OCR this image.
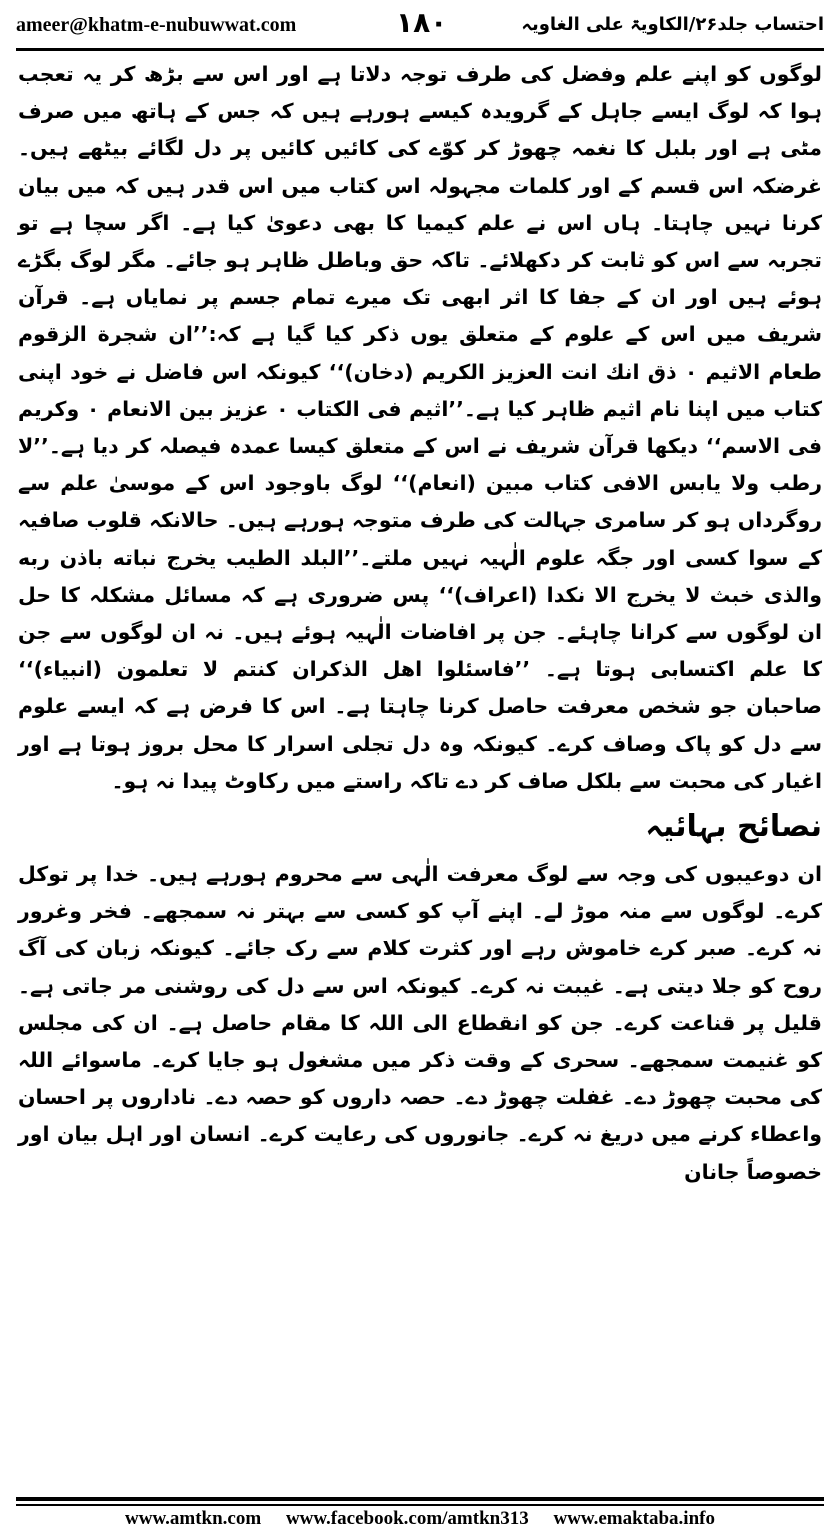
ameer@khatm-e-nubuwwat.com	۱۸۰	احتساب جلد۲۶/الکاویۃ علی الغاویہ

لوگوں کو اپنے علم وفضل کی طرف توجہ دلاتا ہے اور اس سے بڑھ کر یہ تعجب ہوا کہ لوگ ایسے جاہل کے گرویدہ کیسے ہورہے ہیں کہ جس کے ہاتھ میں صرف مٹی ہے اور بلبل کا نغمہ چھوڑ کر کوّے کی کائیں کائیں پر دل لگائے بیٹھے ہیں۔ غرضکہ اس قسم کے اور کلمات مجہولہ اس کتاب میں اس قدر ہیں کہ میں بیان کرنا نہیں چاہتا۔ ہاں اس نے علم کیمیا کا بھی دعویٰ کیا ہے۔ اگر سچا ہے تو تجربہ سے اس کو ثابت کر دکھلائے۔ تاکہ حق وباطل ظاہر ہو جائے۔ مگر لوگ بگڑے ہوئے ہیں اور ان کے جفا کا اثر ابھی تک میرے تمام جسم پر نمایاں ہے۔ قرآن شریف میں اس کے علوم کے متعلق یوں ذکر کیا گیا ہے کہ:’’ان شجرة الزقوم طعام الاثیم ۰ ذق انك انت العزیز الكریم (دخان)‘‘ کیونکہ اس فاضل نے خود اپنی کتاب میں اپنا نام اثیم ظاہر کیا ہے۔’’اثیم فی الكتاب ۰ عزیز بین الانعام ۰ وكریم فی الاسم‘‘ دیکھا قرآن شریف نے اس کے متعلق کیسا عمدہ فیصلہ کر دیا ہے۔’’لا رطب ولا یابس الافی كتاب مبین (انعام)‘‘ لوگ باوجود اس کے موسیٰ علم سے روگرداں ہو کر سامری جہالت کی طرف متوجہ ہورہے ہیں۔ حالانکہ قلوب صافیہ کے سوا کسی اور جگہ علوم الٰہیہ نہیں ملتے۔’’البلد الطیب یخرج نباته باذن ربه والذی خبث لا یخرج الا نكدا (اعراف)‘‘ پس ضروری ہے کہ مسائل مشکلہ کا حل ان لوگوں سے کرانا چاہئے۔ جن پر افاضات الٰہیہ ہوئے ہیں۔ نہ ان لوگوں سے جن کا علم اکتسابی ہوتا ہے۔ ’’فاسئلوا اهل الذكران كنتم لا تعلمون (انبیاء)‘‘ صاحبان جو شخص معرفت حاصل کرنا چاہتا ہے۔ اس کا فرض ہے کہ ایسے علوم سے دل کو پاک وصاف کرے۔ کیونکہ وہ دل تجلی اسرار کا محل بروز ہوتا ہے اور اغیار کی محبت سے بلکل صاف کر دے تاکہ راستے میں رکاوٹ پیدا نہ ہو۔

نصائح بہائیہ

ان دوعیبوں کی وجہ سے لوگ معرفت الٰہی سے محروم ہورہے ہیں۔ خدا پر توکل کرے۔ لوگوں سے منہ موڑ لے۔ اپنے آپ کو کسی سے بہتر نہ سمجھے۔ فخر وغرور نہ کرے۔ صبر کرے خاموش رہے اور کثرت کلام سے رک جائے۔ کیونکہ زبان کی آگ روح کو جلا دیتی ہے۔ غیبت نہ کرے۔ کیونکہ اس سے دل کی روشنی مر جاتی ہے۔ قلیل پر قناعت کرے۔ جن کو انقطاع الی اللہ کا مقام حاصل ہے۔ ان کی مجلس کو غنیمت سمجھے۔ سحری کے وقت ذکر میں مشغول ہو جایا کرے۔ ماسوائے اللہ کی محبت چھوڑ دے۔ غفلت چھوڑ دے۔ حصہ داروں کو حصہ دے۔ ناداروں پر احسان واعطاء کرنے میں دریغ نہ کرے۔ جانوروں کی رعایت کرے۔ انسان اور اہل بیان اور خصوصاً جانان

www.amtkn.com www.facebook.com/amtkn313 www.emaktaba.info
